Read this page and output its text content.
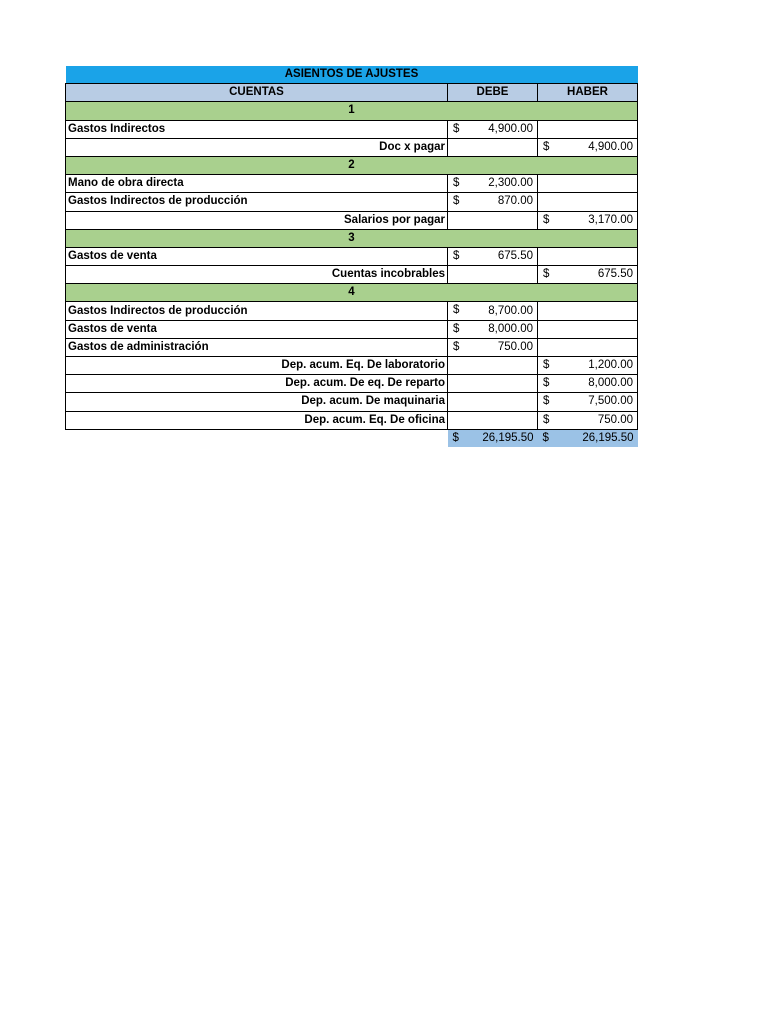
ASIENTOS DE AJUSTES		
CUENTAS	DEBE	HABER
1		
Gastos Indirectos	$ 4,900.00	

Doc x pagar		$ 4,900.00

2		
Mano de obra directa	$ 2,300.00	

Gastos Indirectos de producción	$ 870.00	

Salarios por pagar		$ 3,170.00

3		
Gastos de venta	$ 675.50	

Cuentas incobrables		$ 675.50

4		
Gastos Indirectos de producción	$ 8,700.00	

Gastos de venta	$ 8,000.00	

Gastos de administración	$ 750.00	

Dep. acum. Eq. De laboratorio		$ 1,200.00

Dep. acum. De eq. De reparto		$ 8,000.00

Dep. acum. De maquinaria		$ 7,500.00

Dep. acum. Eq. De oficina		$ 750.00

	$ 26,195.50	$ 26,195.50
